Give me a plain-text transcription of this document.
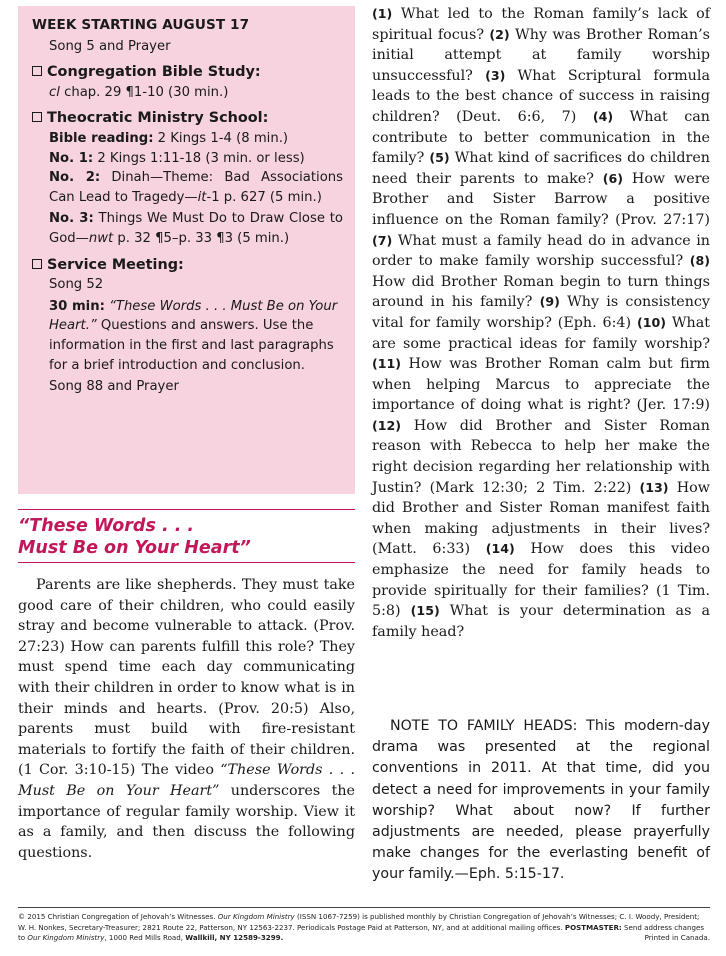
WEEK STARTING AUGUST 17
Song 5 and Prayer
Congregation Bible Study:
cl chap. 29 ¶1-10 (30 min.)
Theocratic Ministry School:
Bible reading: 2 Kings 1-4 (8 min.)
No. 1: 2 Kings 1:11-18 (3 min. or less)
No. 2: Dinah—Theme: Bad Associations Can Lead to Tragedy—it-1 p. 627 (5 min.)
No. 3: Things We Must Do to Draw Close to God—nwt p. 32 ¶5–p. 33 ¶3 (5 min.)
Service Meeting:
Song 52
30 min: “These Words . . . Must Be on Your Heart.” Questions and answers. Use the information in the first and last paragraphs for a brief introduction and conclusion.
Song 88 and Prayer
“These Words . . .
Must Be on Your Heart”
Parents are like shepherds. They must take good care of their children, who could easily stray and become vulnerable to attack. (Prov. 27:23) How can parents fulfill this role? They must spend time each day communicating with their children in order to know what is in their minds and hearts. (Prov. 20:5) Also, parents must build with fire-resistant materials to fortify the faith of their children. (1 Cor. 3:10-15) The video “These Words . . . Must Be on Your Heart” underscores the importance of regular family worship. View it as a family, and then discuss the following questions.
(1) What led to the Roman family’s lack of spiritual focus? (2) Why was Brother Roman’s initial attempt at family worship unsuccessful? (3) What Scriptural formula leads to the best chance of success in raising children? (Deut. 6:6, 7) (4) What can contribute to better communication in the family? (5) What kind of sacrifices do children need their parents to make? (6) How were Brother and Sister Barrow a positive influence on the Roman family? (Prov. 27:17) (7) What must a family head do in advance in order to make family worship successful? (8) How did Brother Roman begin to turn things around in his family? (9) Why is consistency vital for family worship? (Eph. 6:4) (10) What are some practical ideas for family worship? (11) How was Brother Roman calm but firm when helping Marcus to appreciate the importance of doing what is right? (Jer. 17:9) (12) How did Brother and Sister Roman reason with Rebecca to help her make the right decision regarding her relationship with Justin? (Mark 12:30; 2 Tim. 2:22) (13) How did Brother and Sister Roman manifest faith when making adjustments in their lives? (Matt. 6:33) (14) How does this video emphasize the need for family heads to provide spiritually for their families? (1 Tim. 5:8) (15) What is your determination as a family head?
NOTE TO FAMILY HEADS: This modern-day drama was presented at the regional conventions in 2011. At that time, did you detect a need for improvements in your family worship? What about now? If further adjustments are needed, please prayerfully make changes for the everlasting benefit of your family.—Eph. 5:15-17.
© 2015 Christian Congregation of Jehovah’s Witnesses. Our Kingdom Ministry (ISSN 1067-7259) is published monthly by Christian Congregation of Jehovah’s Witnesses; C. I. Woody, President; W. H. Nonkes, Secretary-Treasurer; 2821 Route 22, Patterson, NY 12563-2237. Periodicals Postage Paid at Patterson, NY, and at additional mailing offices. POSTMASTER: Send address changes to Our Kingdom Ministry, 1000 Red Mills Road, Wallkill, NY 12589-3299.	Printed in Canada.
